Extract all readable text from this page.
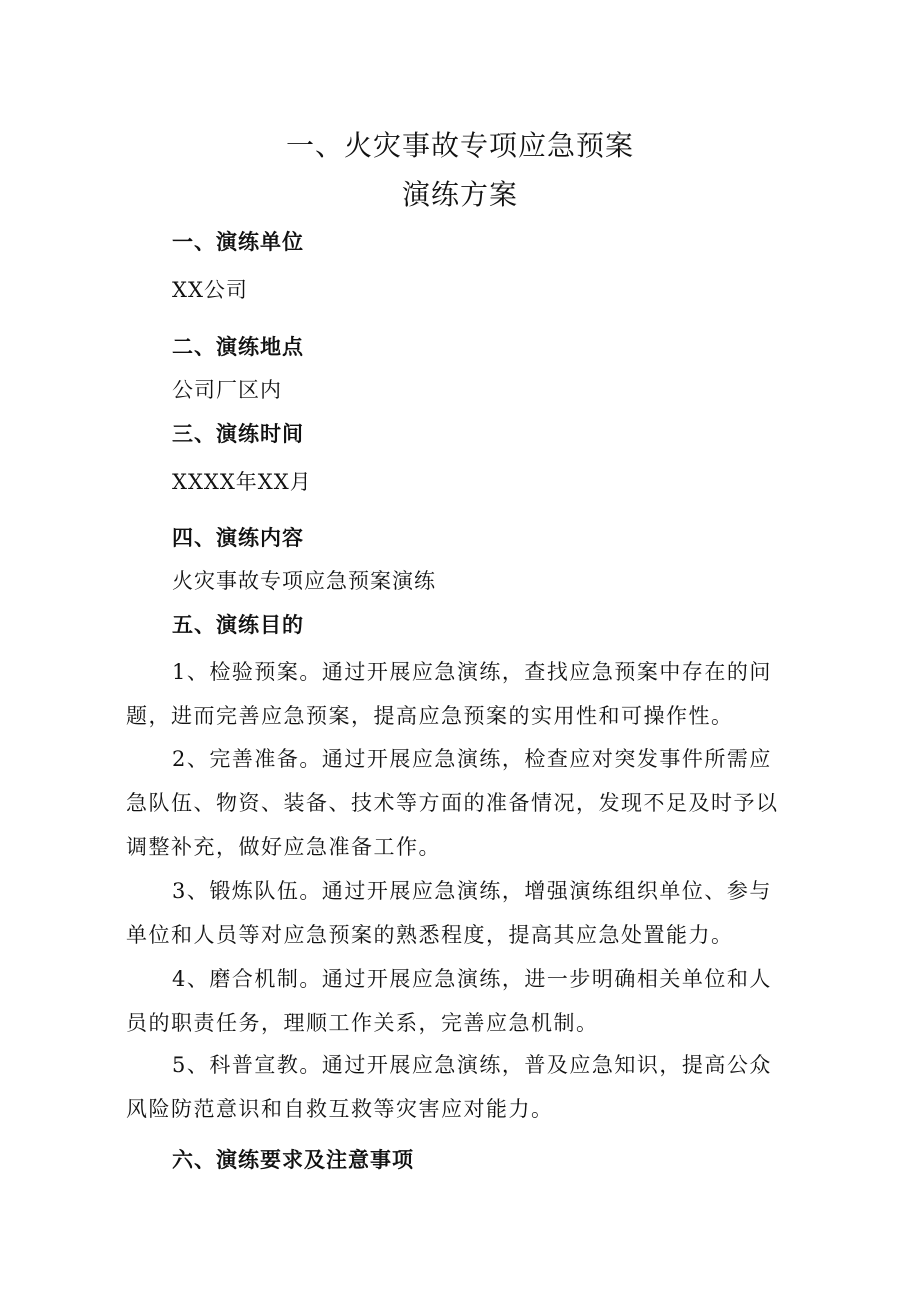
一、火灾事故专项应急预案
演练方案
一、演练单位
XX公司
二、演练地点
公司厂区内
三、演练时间
XXXX年XX月
四、演练内容
火灾事故专项应急预案演练
五、演练目的
1、检验预案。通过开展应急演练，查找应急预案中存在的问
题，进而完善应急预案，提高应急预案的实用性和可操作性。
2、完善准备。通过开展应急演练，检查应对突发事件所需应
急队伍、物资、装备、技术等方面的准备情况，发现不足及时予以
调整补充，做好应急准备工作。
3、锻炼队伍。通过开展应急演练，增强演练组织单位、参与
单位和人员等对应急预案的熟悉程度，提高其应急处置能力。
4、磨合机制。通过开展应急演练，进一步明确相关单位和人
员的职责任务，理顺工作关系，完善应急机制。
5、科普宣教。通过开展应急演练，普及应急知识，提高公众
风险防范意识和自救互救等灾害应对能力。
六、演练要求及注意事项
